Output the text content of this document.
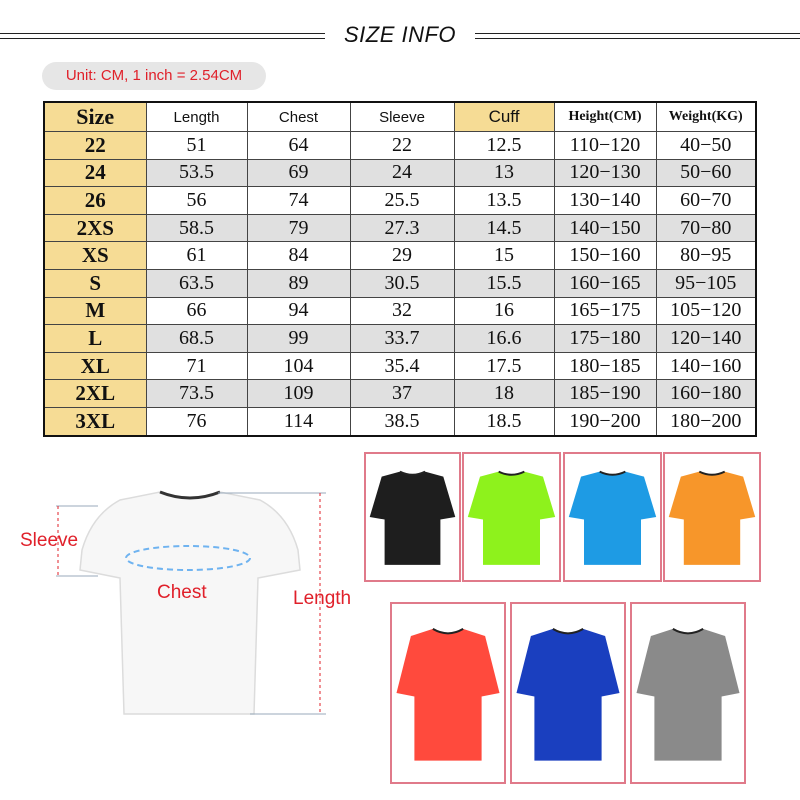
SIZE INFO
Unit: CM, 1 inch = 2.54CM
Size	Length	Chest	Sleeve	Cuff	Height(CM)	Weight(KG)
22	51	64	22	12.5	110−120	40−50
24	53.5	69	24	13	120−130	50−60
26	56	74	25.5	13.5	130−140	60−70
2XS	58.5	79	27.3	14.5	140−150	70−80
XS	61	84	29	15	150−160	80−95
S	63.5	89	30.5	15.5	160−165	95−105
M	66	94	32	16	165−175	105−120
L	68.5	99	33.7	16.6	175−180	120−140
XL	71	104	35.4	17.5	180−185	140−160
2XL	73.5	109	37	18	185−190	160−180
3XL	76	114	38.5	18.5	190−200	180−200
Sleeve
Chest	Length
